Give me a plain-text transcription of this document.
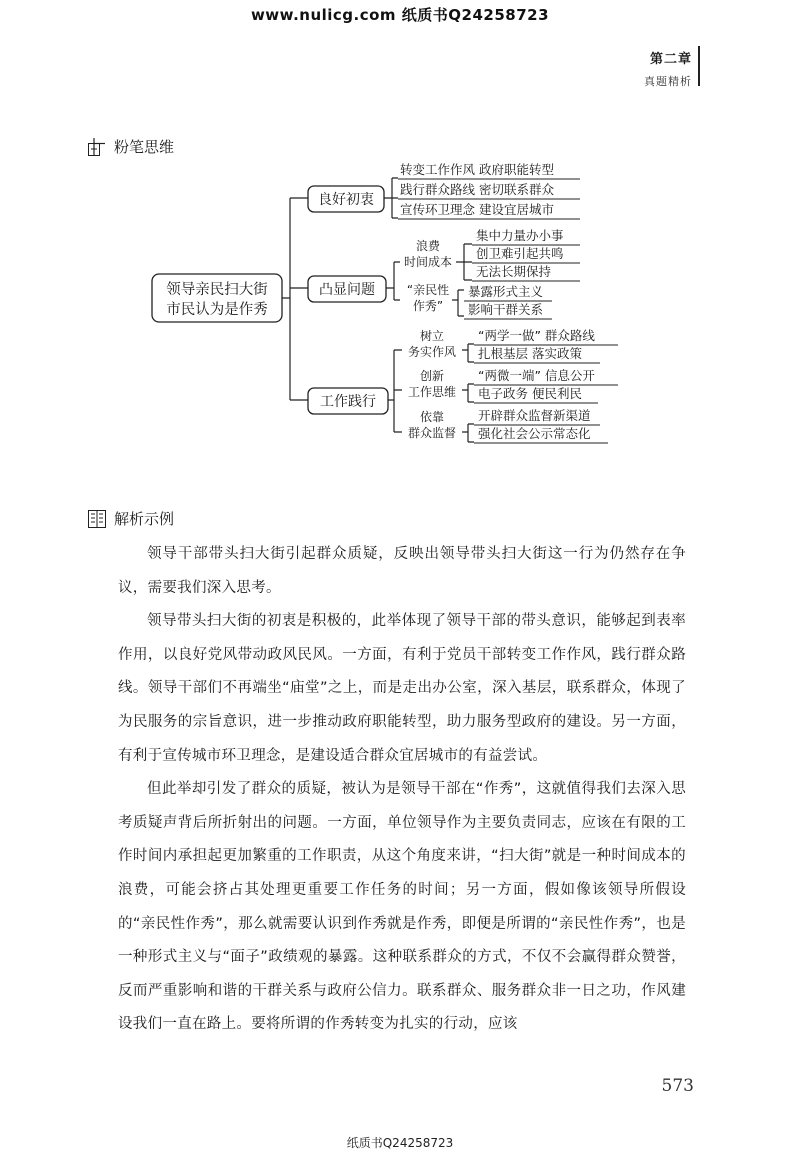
www.nulicg.com 纸质书Q24258723
第二章
真题精析
粉笔思维
领导亲民扫大街
市民认为是作秀
良好初衷
凸显问题
工作践行
转变工作作风 政府职能转型
践行群众路线 密切联系群众
宣传环卫理念 建设宜居城市
浪费
时间成本
集中力量办小事
创卫难引起共鸣
无法长期保持
“亲民性
作秀”
暴露形式主义
影响干群关系
树立
务实作风
“两学一做” 群众路线
扎根基层 落实政策
创新
工作思维
“两微一端” 信息公开
电子政务 便民利民
依靠
群众监督
开辟群众监督新渠道
强化社会公示常态化
解析示例

领导干部带头扫大街引起群众质疑，反映出领导带头扫大街这一行为仍然存在争议，需要我们深入思考。

领导带头扫大街的初衷是积极的，此举体现了领导干部的带头意识，能够起到表率作用，以良好党风带动政风民风。一方面，有利于党员干部转变工作作风，践行群众路线。领导干部们不再端坐“庙堂”之上，而是走出办公室，深入基层，联系群众，体现了为民服务的宗旨意识，进一步推动政府职能转型，助力服务型政府的建设。另一方面，有利于宣传城市环卫理念，是建设适合群众宜居城市的有益尝试。

但此举却引发了群众的质疑，被认为是领导干部在“作秀”，这就值得我们去深入思考质疑声背后所折射出的问题。一方面，单位领导作为主要负责同志，应该在有限的工作时间内承担起更加繁重的工作职责，从这个角度来讲，“扫大街”就是一种时间成本的浪费，可能会挤占其处理更重要工作任务的时间；另一方面，假如像该领导所假设的“亲民性作秀”，那么就需要认识到作秀就是作秀，即便是所谓的“亲民性作秀”，也是一种形式主义与“面子”政绩观的暴露。这种联系群众的方式，不仅不会赢得群众赞誉，反而严重影响和谐的干群关系与政府公信力。联系群众、服务群众非一日之功，作风建设我们一直在路上。要将所谓的作秀转变为扎实的行动，应该

573
纸质书Q24258723
